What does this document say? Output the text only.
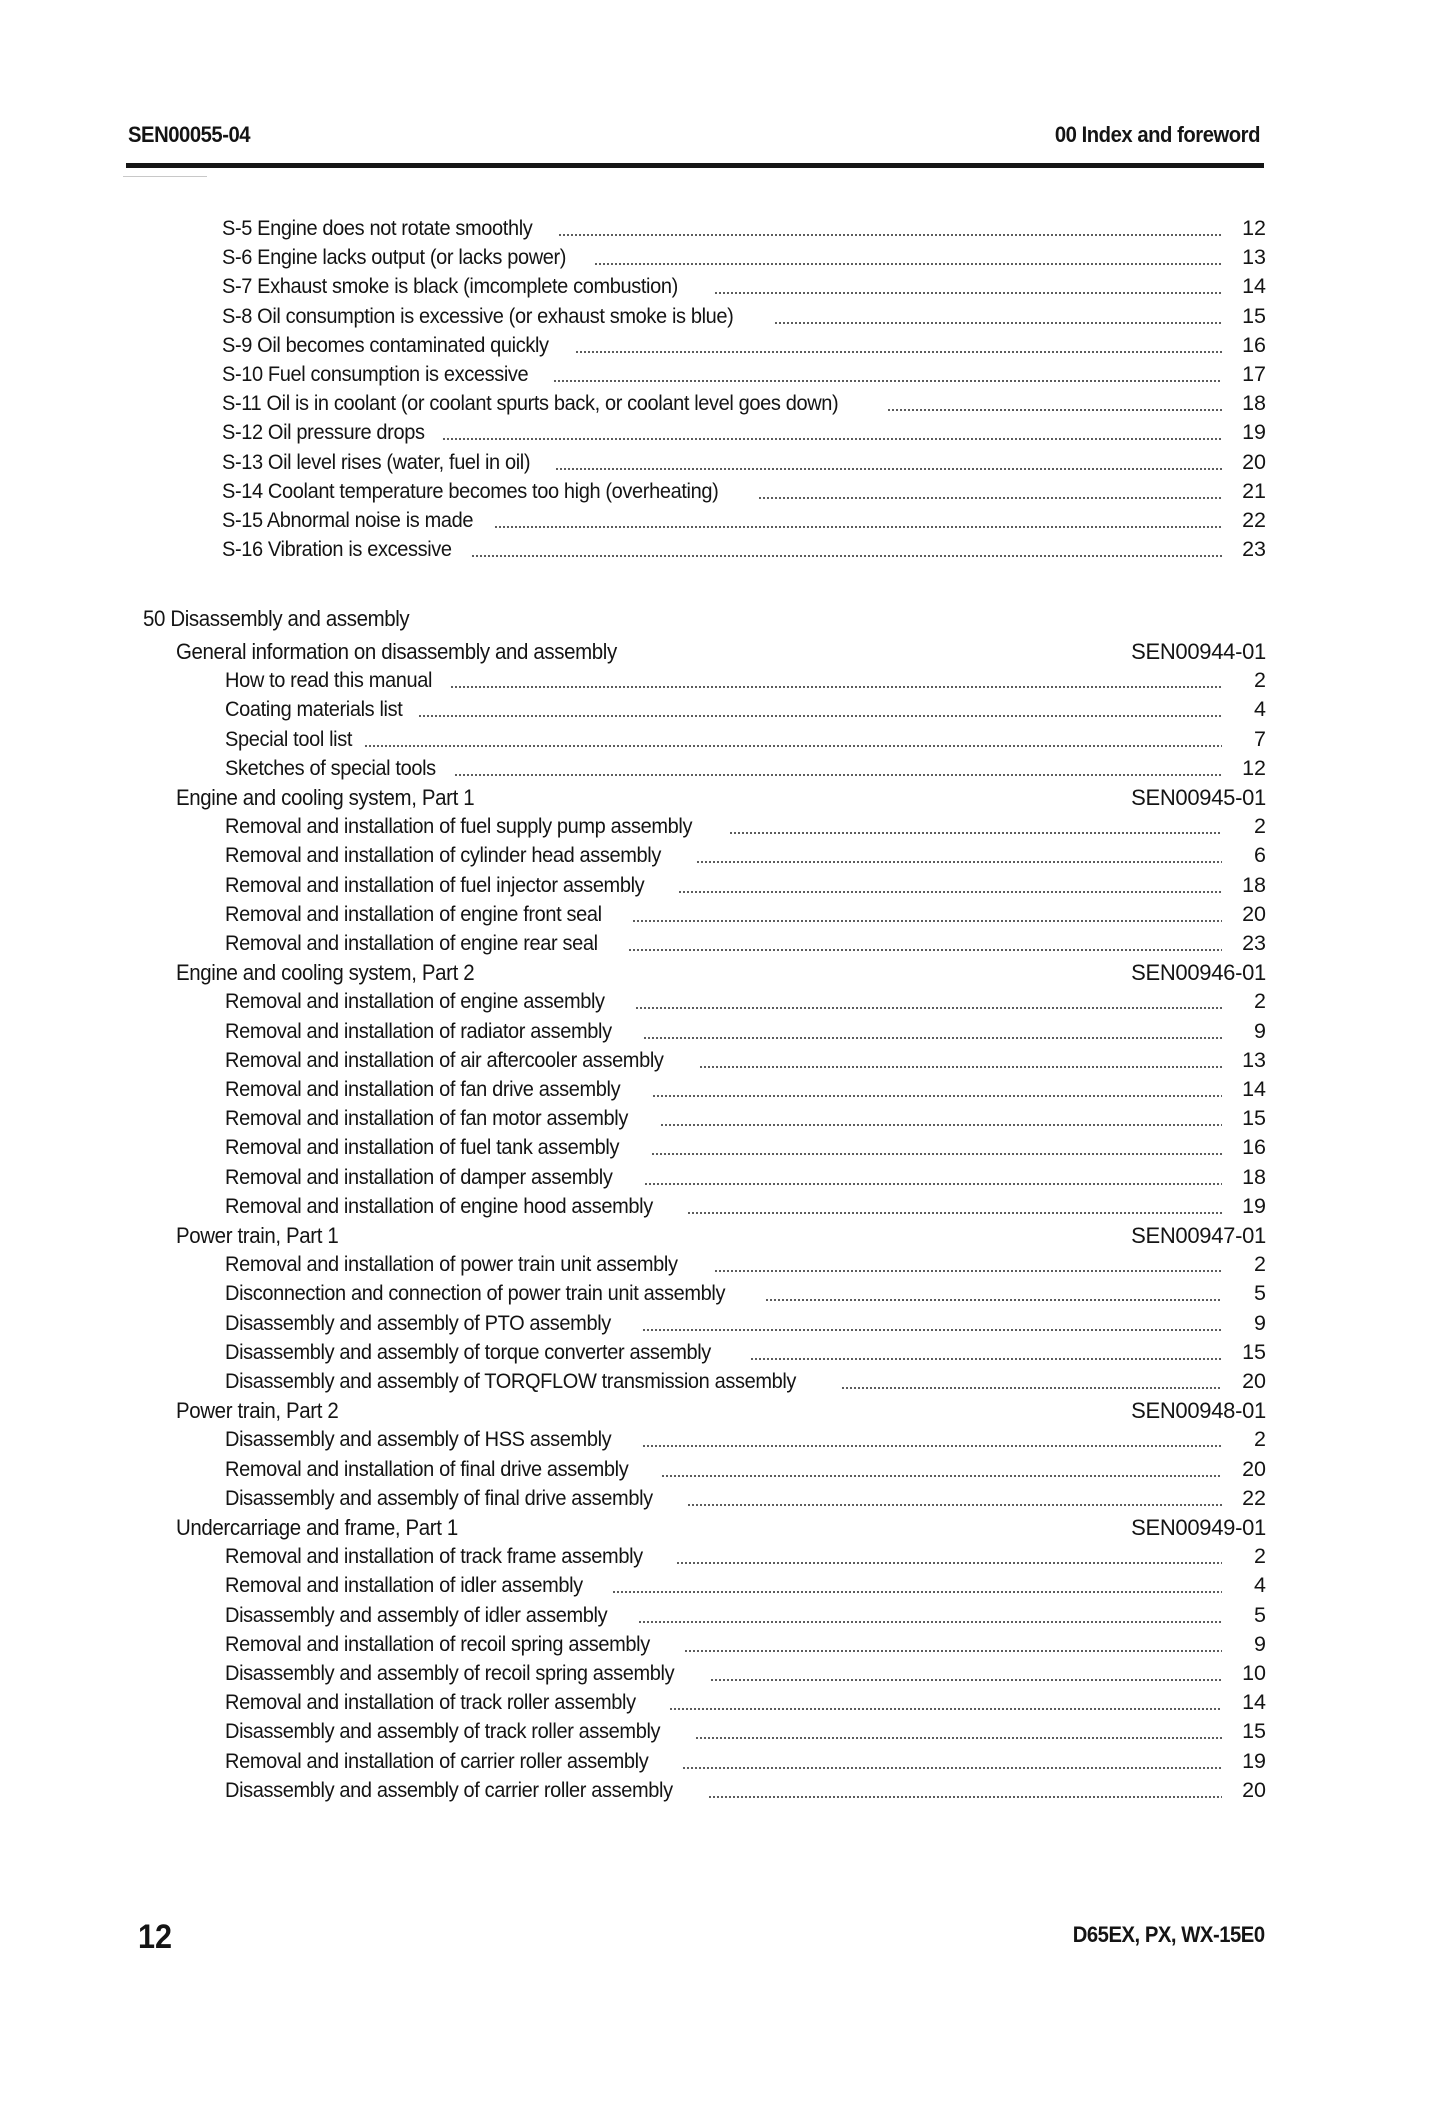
SEN00055-04	00 Index and foreword
S-5 Engine does not rotate smoothly	12
S-6 Engine lacks output (or lacks power)	13
S-7 Exhaust smoke is black (imcomplete combustion)	14
S-8 Oil consumption is excessive (or exhaust smoke is blue)	15
S-9 Oil becomes contaminated quickly	16
S-10 Fuel consumption is excessive	17
S-11 Oil is in coolant (or coolant spurts back, or coolant level goes down)	18
S-12 Oil pressure drops	19
S-13 Oil level rises (water, fuel in oil)	20
S-14 Coolant temperature becomes too high (overheating)	21
S-15 Abnormal noise is made	22
S-16 Vibration is excessive	23
50 Disassembly and assembly
General information on disassembly and assembly	SEN00944-01
How to read this manual	2
Coating materials list	4
Special tool list	7
Sketches of special tools	12
Engine and cooling system, Part 1	SEN00945-01
Removal and installation of fuel supply pump assembly	2
Removal and installation of cylinder head assembly	6
Removal and installation of fuel injector assembly	18
Removal and installation of engine front seal	20
Removal and installation of engine rear seal	23
Engine and cooling system, Part 2	SEN00946-01
Removal and installation of engine assembly	2
Removal and installation of radiator assembly	9
Removal and installation of air aftercooler assembly	13
Removal and installation of fan drive assembly	14
Removal and installation of fan motor assembly	15
Removal and installation of fuel tank assembly	16
Removal and installation of damper assembly	18
Removal and installation of engine hood assembly	19
Power train, Part 1	SEN00947-01
Removal and installation of power train unit assembly	2
Disconnection and connection of power train unit assembly	5
Disassembly and assembly of PTO assembly	9
Disassembly and assembly of torque converter assembly	15
Disassembly and assembly of TORQFLOW transmission assembly	20
Power train, Part 2	SEN00948-01
Disassembly and assembly of HSS assembly	2
Removal and installation of final drive assembly	20
Disassembly and assembly of final drive assembly	22
Undercarriage and frame, Part 1	SEN00949-01
Removal and installation of track frame assembly	2
Removal and installation of idler assembly	4
Disassembly and assembly of idler assembly	5
Removal and installation of recoil spring assembly	9
Disassembly and assembly of recoil spring assembly	10
Removal and installation of track roller assembly	14
Disassembly and assembly of track roller assembly	15
Removal and installation of carrier roller assembly	19
Disassembly and assembly of carrier roller assembly	20
12	D65EX, PX, WX-15E0
